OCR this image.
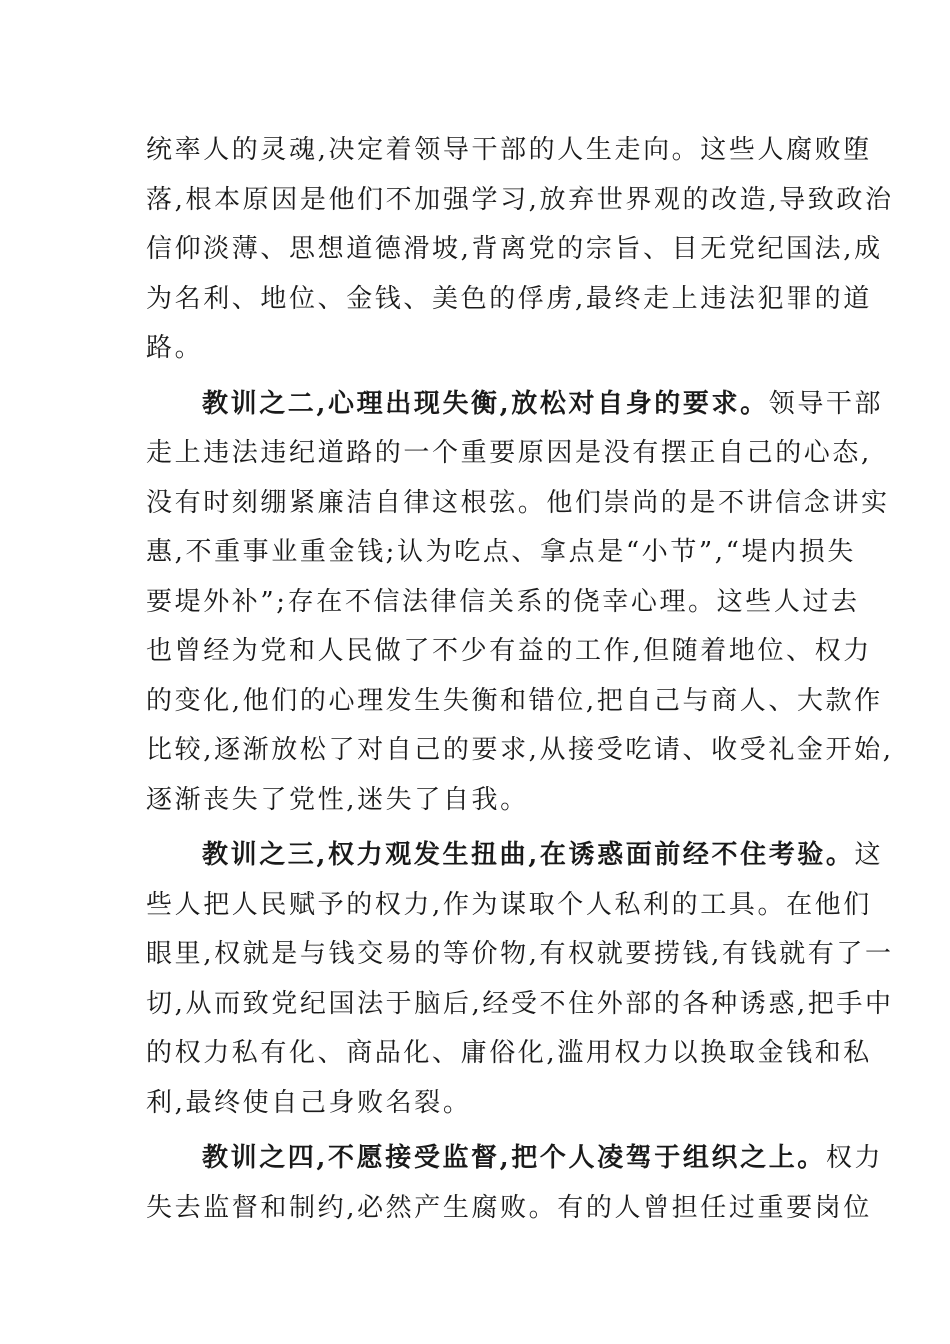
统率人的灵魂,决定着领导干部的人生走向。这些人腐败堕
落,根本原因是他们不加强学习,放弃世界观的改造,导致政治
信仰淡薄、思想道德滑坡,背离党的宗旨、目无党纪国法,成
为名利、地位、金钱、美色的俘虏,最终走上违法犯罪的道
路。
教训之二,心理出现失衡,放松对自身的要求。领导干部
走上违法违纪道路的一个重要原因是没有摆正自己的心态,
没有时刻绷紧廉洁自律这根弦。他们崇尚的是不讲信念讲实
惠,不重事业重金钱;认为吃点、拿点是“小节”,“堤内损失
要堤外补”;存在不信法律信关系的侥幸心理。这些人过去
也曾经为党和人民做了不少有益的工作,但随着地位、权力
的变化,他们的心理发生失衡和错位,把自己与商人、大款作
比较,逐渐放松了对自己的要求,从接受吃请、收受礼金开始,
逐渐丧失了党性,迷失了自我。
教训之三,权力观发生扭曲,在诱惑面前经不住考验。这
些人把人民赋予的权力,作为谋取个人私利的工具。在他们
眼里,权就是与钱交易的等价物,有权就要捞钱,有钱就有了一
切,从而致党纪国法于脑后,经受不住外部的各种诱惑,把手中
的权力私有化、商品化、庸俗化,滥用权力以换取金钱和私
利,最终使自己身败名裂。
教训之四,不愿接受监督,把个人凌驾于组织之上。权力
失去监督和制约,必然产生腐败。有的人曾担任过重要岗位
